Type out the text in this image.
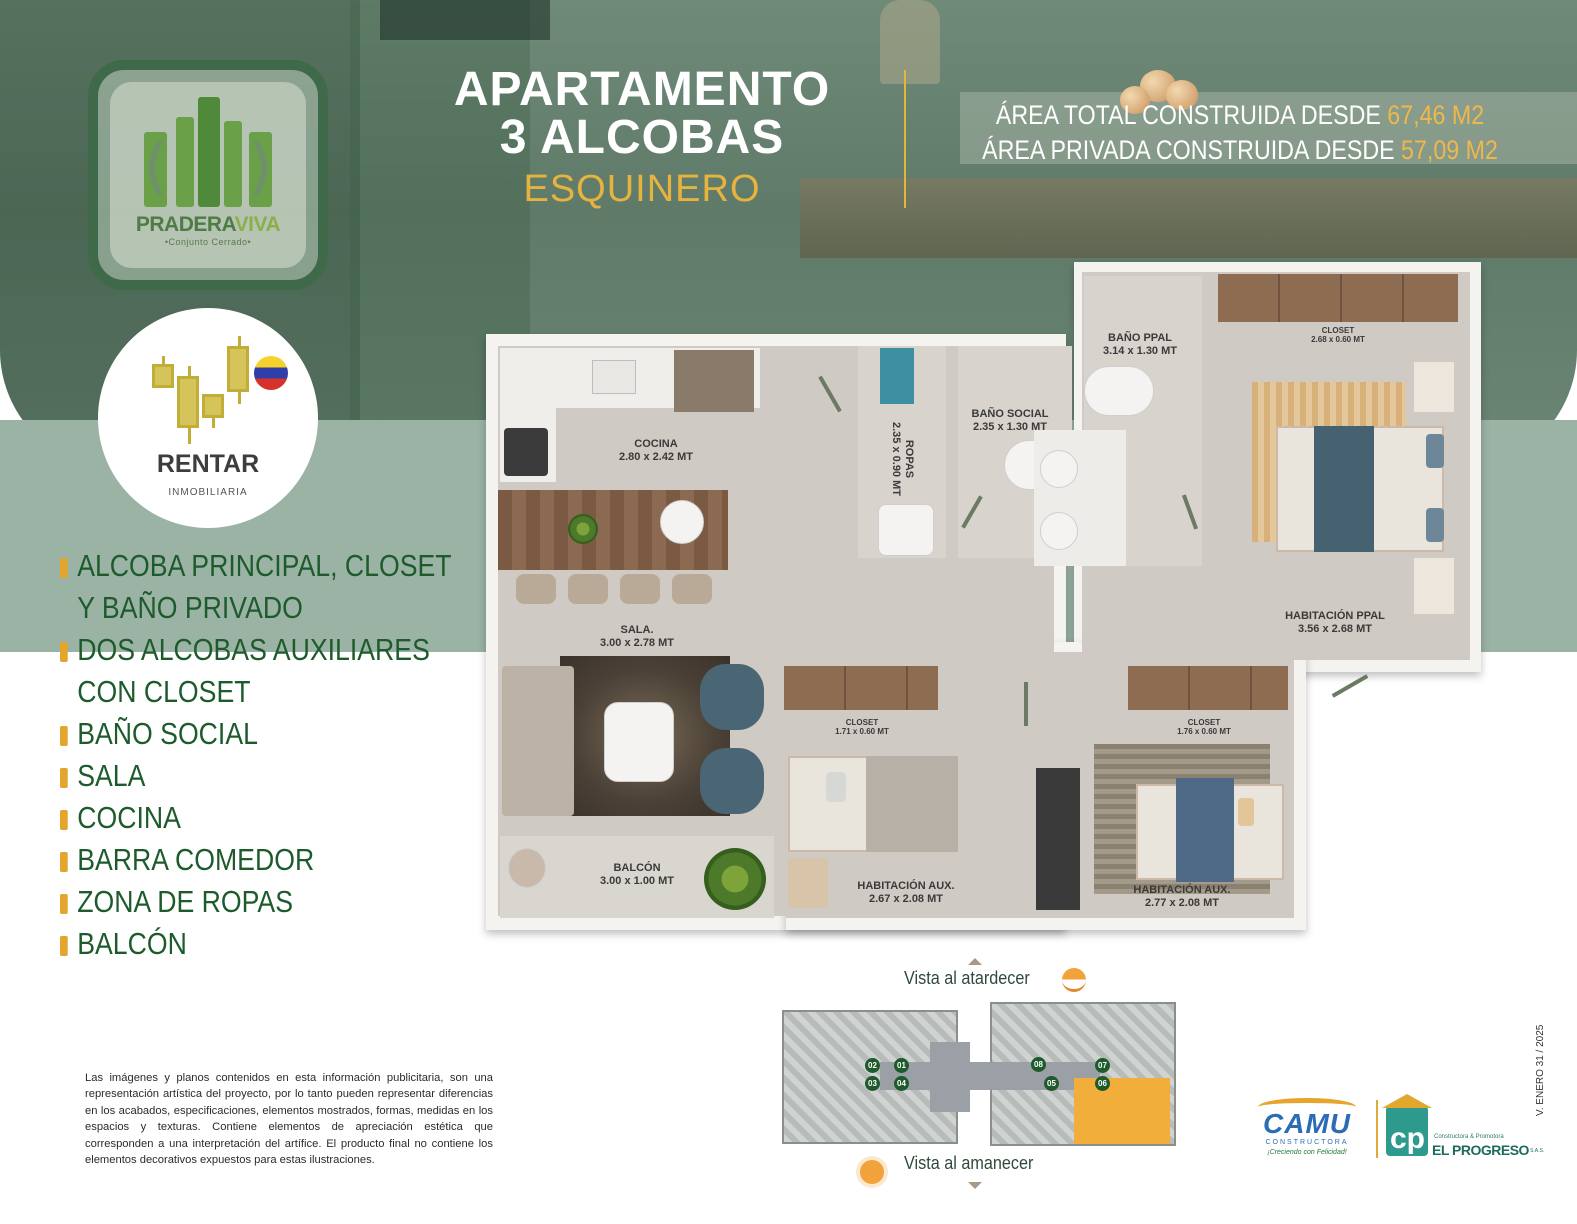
( )
PRADERAVIVA
•Conjunto Cerrado•
RENTAR
INMOBILIARIA
APARTAMENTO
3 ALCOBAS
ESQUINERO
ÁREA TOTAL CONSTRUIDA DESDE 67,46 M2
ÁREA PRIVADA CONSTRUIDA DESDE 57,09 M2
ALCOBA PRINCIPAL, CLOSET
Y BAÑO PRIVADO
DOS ALCOBAS AUXILIARES
CON CLOSET
BAÑO SOCIAL
SALA
COCINA
BARRA COMEDOR
ZONA DE ROPAS
BALCÓN
COCINA
2.80 x 2.42 MT	ROPAS
2.35 x 0.90 MT
BAÑO SOCIAL
2.35 x 1.30 MT
BAÑO PPAL
3.14 x 1.30 MT
CLOSET
2.68 x 0.60 MT
HABITACIÓN PPAL
3.56 x 2.68 MT
SALA.
3.00 x 2.78 MT
CLOSET
1.71 x 0.60 MT
CLOSET
1.76 x 0.60 MT
BALCÓN
3.00 x 1.00 MT	HABITACIÓN AUX.
2.67 x 2.08 MT
HABITACIÓN AUX.
2.77 x 2.08 MT
Vista al atardecer
02	01
03	04
08	07
05	06
Vista al amanecer

Las imágenes y planos contenidos en esta información publicitaria, son una representación artística del proyecto, por lo tanto pueden representar diferencias en los acabados, especificaciones, elementos mostrados, formas, medidas en los espacios y texturas. Contiene elementos de apreciación estética que corresponden a una interpretación del artífice. El producto final no contiene los elementos decorativos expuestos para estas ilustraciones.

CAMU
CONSTRUCTORA
¡Creciendo con Felicidad!	cp Constructora & Promotora
EL PROGRESO S.A.S.
V. ENERO 31 / 2025
